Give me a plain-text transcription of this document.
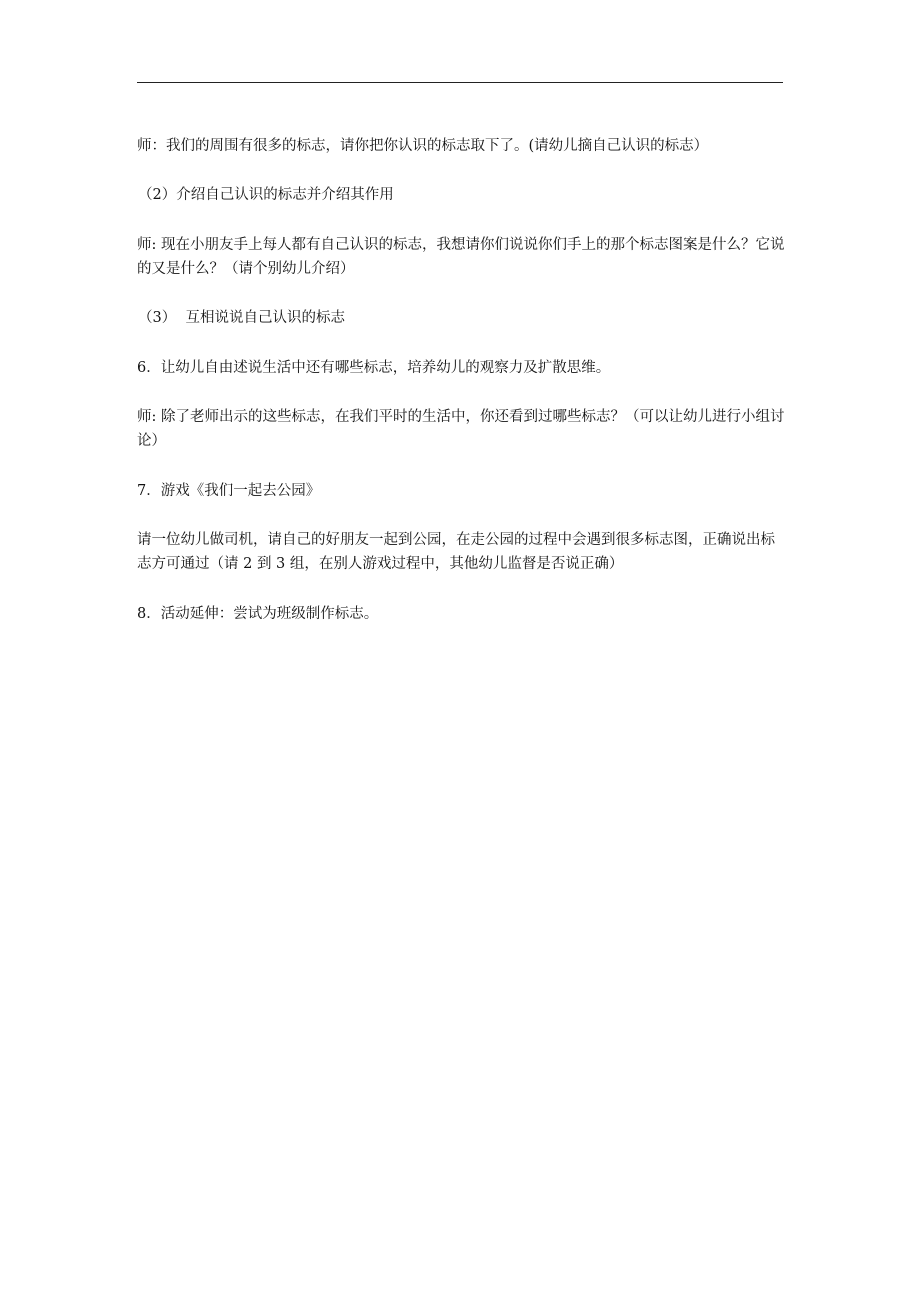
师：我们的周围有很多的标志，请你把你认识的标志取下了。(请幼儿摘自己认识的标志）

（2）介绍自己认识的标志并介绍其作用

师: 现在小朋友手上每人都有自己认识的标志，我想请你们说说你们手上的那个标志图案是什么？它说的又是什么？（请个别幼儿介绍）

（3）  互相说说自己认识的标志

6．让幼儿自由述说生活中还有哪些标志，培养幼儿的观察力及扩散思维。

师: 除了老师出示的这些标志，在我们平时的生活中，你还看到过哪些标志？（可以让幼儿进行小组讨论）

7．游戏《我们一起去公园》

请一位幼儿做司机，请自己的好朋友一起到公园，在走公园的过程中会遇到很多标志图，正确说出标志方可通过（请 2 到 3 组，在别人游戏过程中，其他幼儿监督是否说正确）

8．活动延伸：尝试为班级制作标志。
